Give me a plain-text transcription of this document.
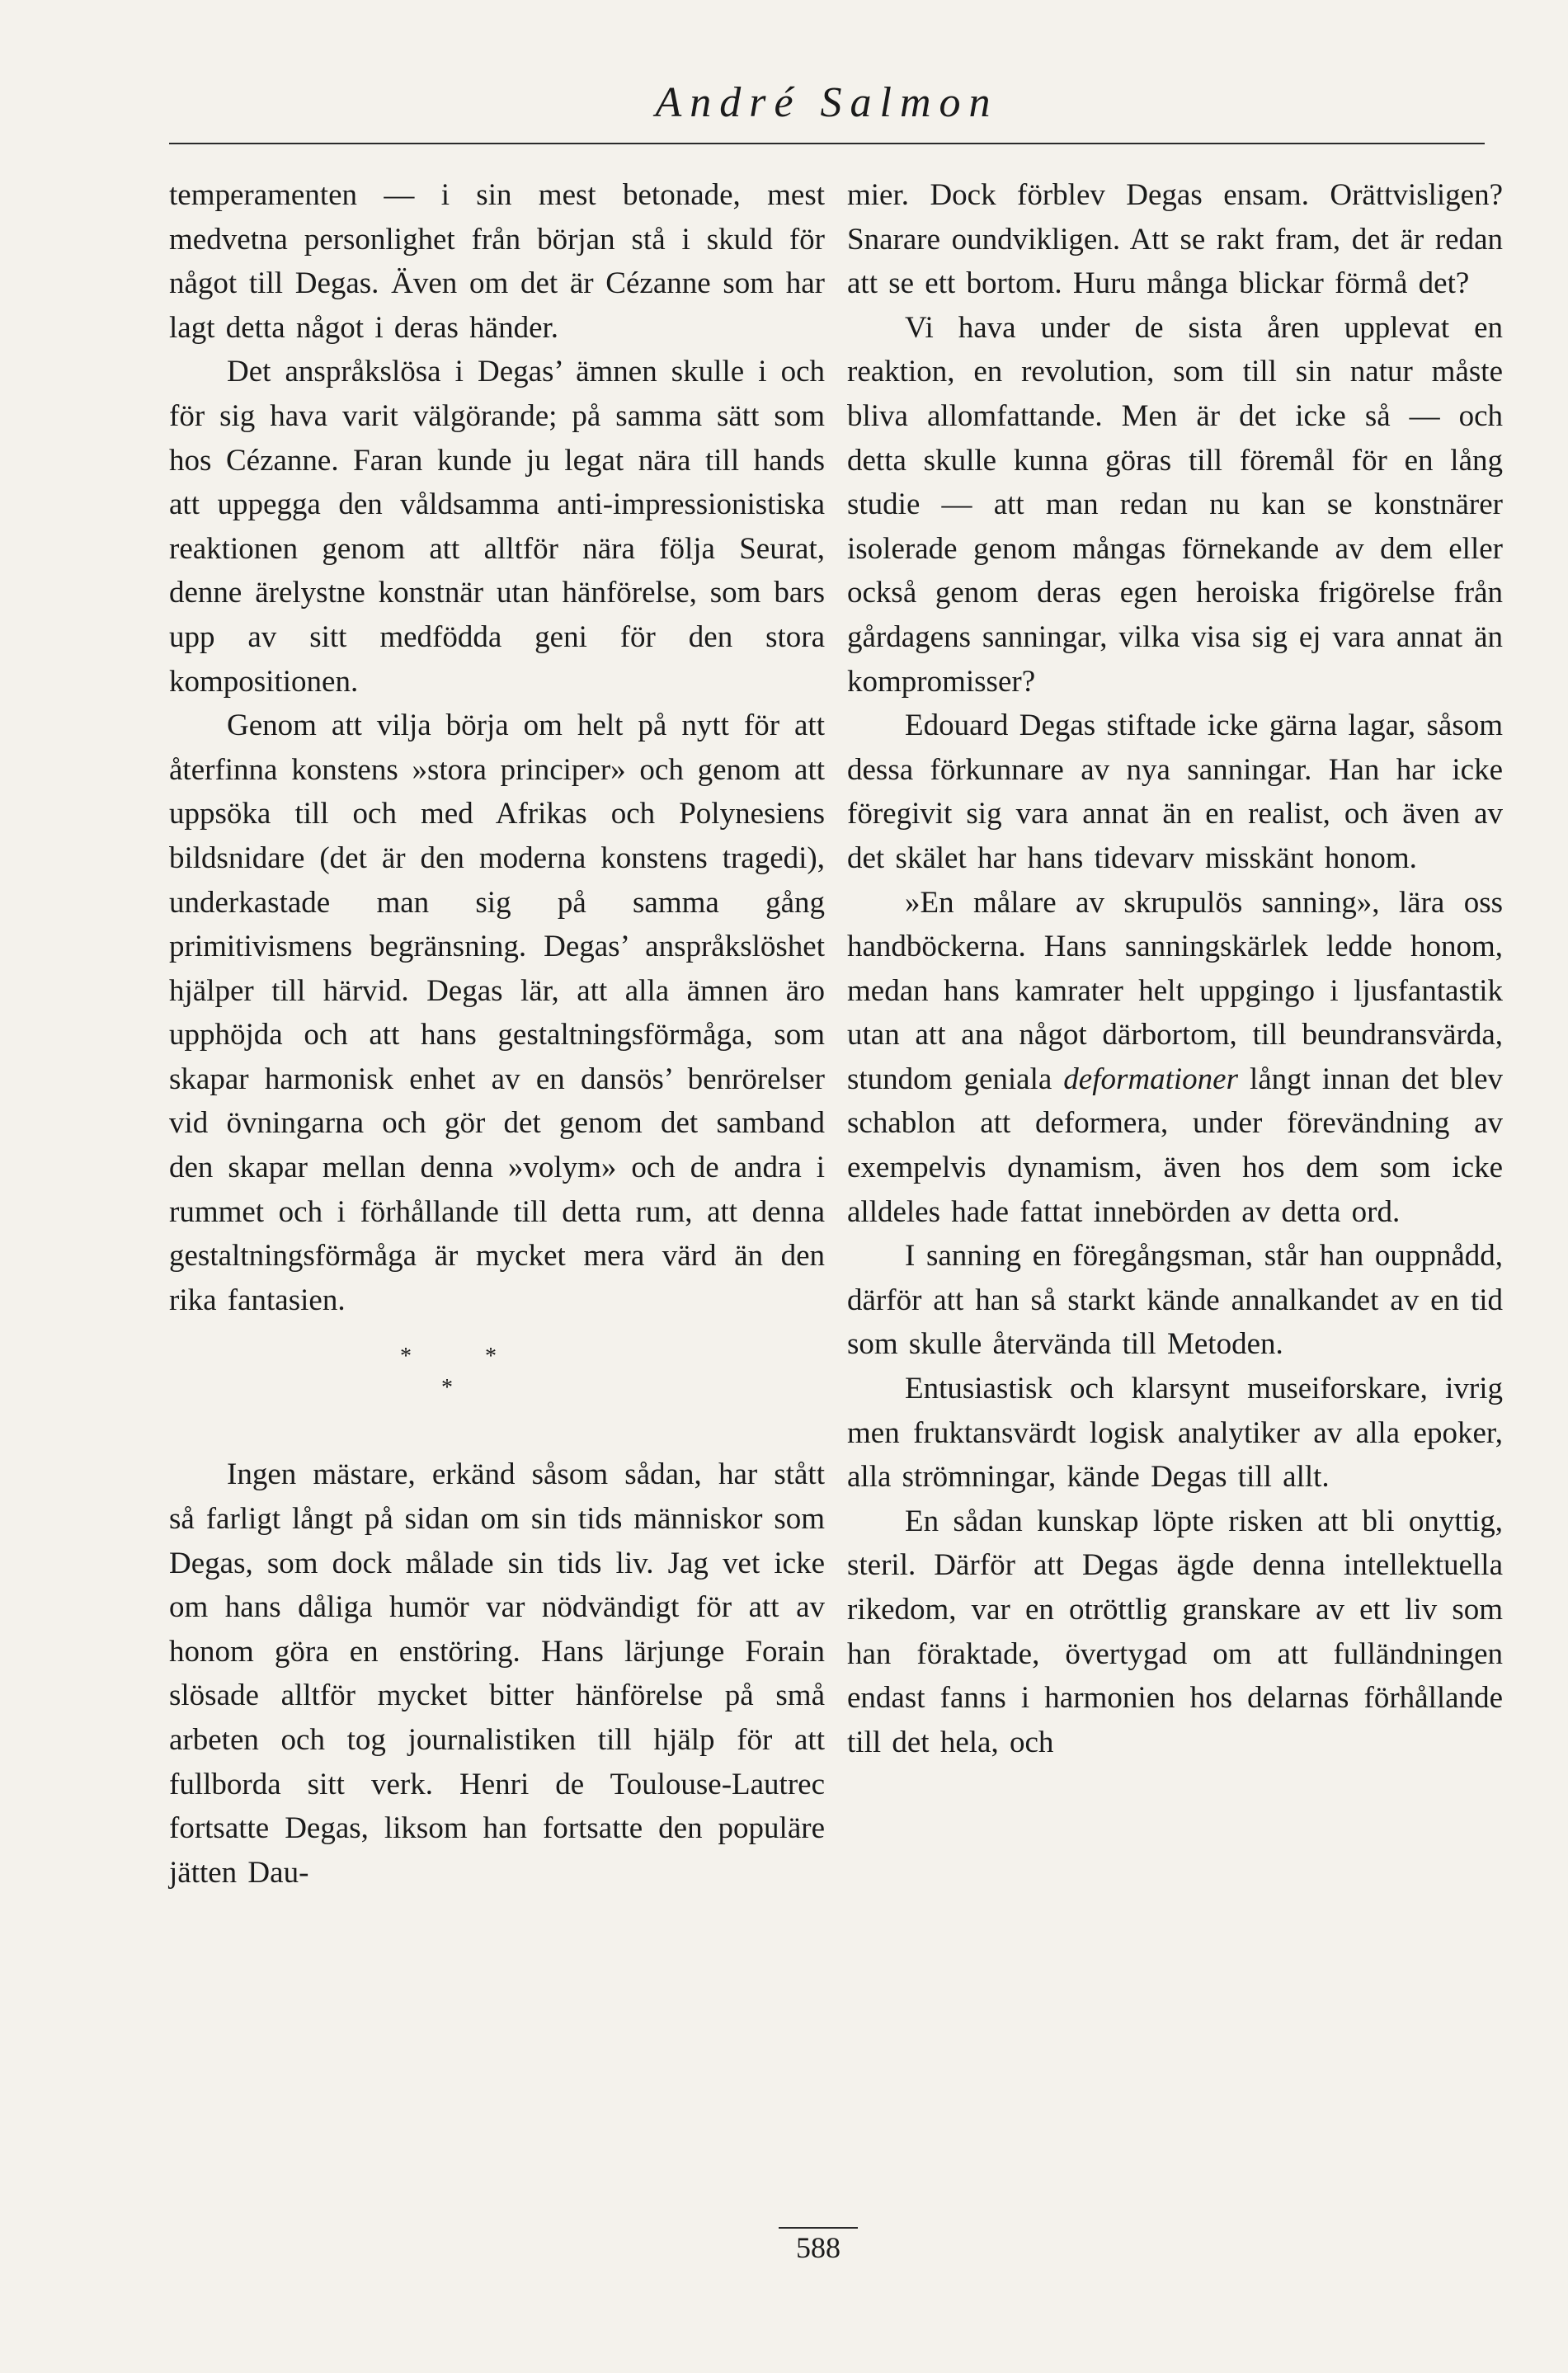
André Salmon

temperamenten — i sin mest betonade, mest medvetna personlighet från början stå i skuld för något till Degas. Även om det är Cézanne som har lagt detta något i deras händer.

Det anspråkslösa i Degas’ ämnen skulle i och för sig hava varit välgörande; på samma sätt som hos Cézanne. Faran kunde ju legat nära till hands att uppegga den våldsamma anti-impressionistiska reaktionen genom att alltför nära följa Seurat, denne ärelystne konstnär utan hänförelse, som bars upp av sitt medfödda geni för den stora kompositionen.

Genom att vilja börja om helt på nytt för att återfinna konstens »stora principer» och genom att uppsöka till och med Afrikas och Polynesiens bildsnidare (det är den moderna konstens tragedi), underkastade man sig på samma gång primitivismens begränsning. Degas’ anspråkslöshet hjälper till härvid. Degas lär, att alla ämnen äro upphöjda och att hans gestaltningsförmåga, som skapar harmonisk enhet av en dansös’ benrörelser vid övningarna och gör det genom det samband den skapar mellan denna »volym» och de andra i rummet och i förhållande till detta rum, att denna gestaltningsförmåga är mycket mera värd än den rika fantasien.

*	*
*

Ingen mästare, erkänd såsom sådan, har stått så farligt långt på sidan om sin tids människor som Degas, som dock målade sin tids liv. Jag vet icke om hans dåliga humör var nödvändigt för att av honom göra en enstöring. Hans lärjunge Forain slösade alltför mycket bitter hänförelse på små arbeten och tog journalistiken till hjälp för att fullborda sitt verk. Henri de Toulouse-Lautrec fortsatte Degas, liksom han fortsatte den populäre jätten Dau-

mier. Dock förblev Degas ensam. Orättvisligen? Snarare oundvikligen. Att se rakt fram, det är redan att se ett bortom. Huru många blickar förmå det?

Vi hava under de sista åren upplevat en reaktion, en revolution, som till sin natur måste bliva allomfattande. Men är det icke så — och detta skulle kunna göras till föremål för en lång studie — att man redan nu kan se konstnärer isolerade genom mångas förnekande av dem eller också genom deras egen heroiska frigörelse från gårdagens sanningar, vilka visa sig ej vara annat än kompromisser?

Edouard Degas stiftade icke gärna lagar, såsom dessa förkunnare av nya sanningar. Han har icke föregivit sig vara annat än en realist, och även av det skälet har hans tidevarv misskänt honom.

»En målare av skrupulös sanning», lära oss handböckerna. Hans sanningskärlek ledde honom, medan hans kamrater helt uppgingo i ljusfantastik utan att ana något därbortom, till beundransvärda, stundom geniala deformationer långt innan det blev schablon att deformera, under förevändning av exempelvis dynamism, även hos dem som icke alldeles hade fattat innebörden av detta ord.

I sanning en föregångsman, står han ouppnådd, därför att han så starkt kände annalkandet av en tid som skulle återvända till Metoden.

Entusiastisk och klarsynt museiforskare, ivrig men fruktansvärdt logisk analytiker av alla epoker, alla strömningar, kände Degas till allt.

En sådan kunskap löpte risken att bli onyttig, steril. Därför att Degas ägde denna intellektuella rikedom, var en otröttlig granskare av ett liv som han föraktade, övertygad om att fulländningen endast fanns i harmonien hos delarnas förhållande till det hela, och

588
